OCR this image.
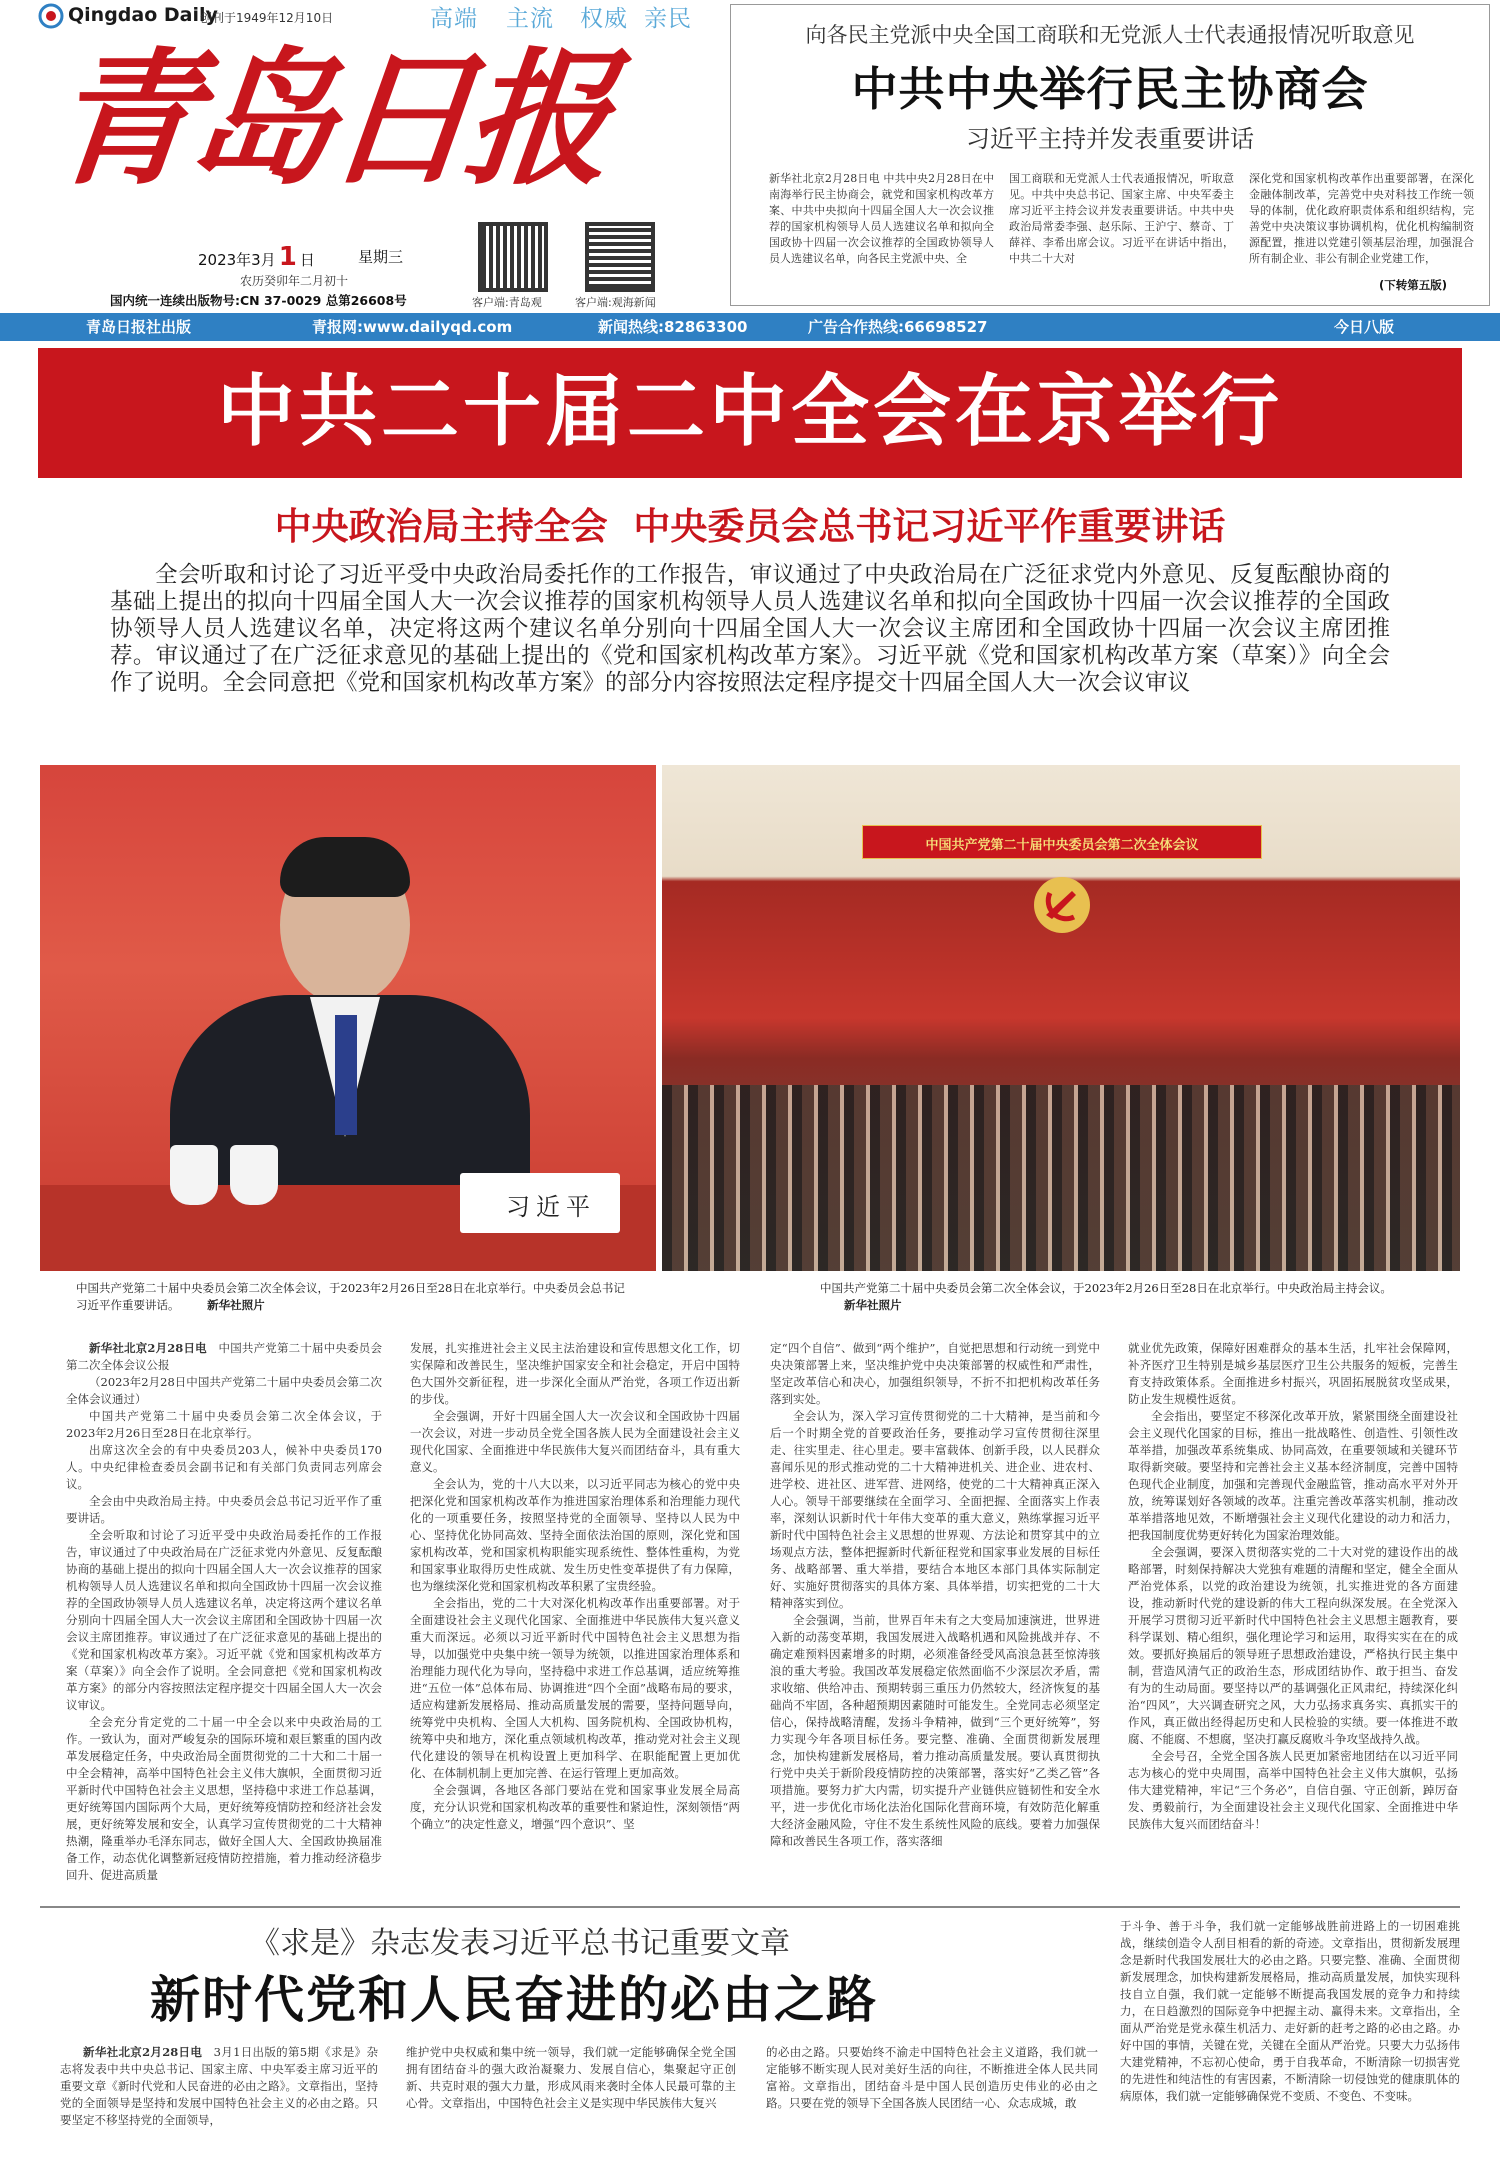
Qingdao Daily
创刊于1949年12月10日	高端 主流 权威 亲民
青岛日报
2023年3月 1 日	星期三
农历癸卯年二月初十
国内统一连续出版物号:CN 37-0029 总第26608号	客户端:青岛观	客户端:观海新闻
向各民主党派中央全国工商联和无党派人士代表通报情况听取意见
中共中央举行民主协商会
习近平主持并发表重要讲话
新华社北京2月28日电 中共中央2月28日在中南海举行民主协商会，就党和国家机构改革方案、中共中央拟向十四届全国人大一次会议推荐的国家机构领导人员人选建议名单和拟向全国政协十四届一次会议推荐的全国政协领导人员人选建议名单，向各民主党派中央、全
国工商联和无党派人士代表通报情况，听取意见。中共中央总书记、国家主席、中央军委主席习近平主持会议并发表重要讲话。中共中央政治局常委李强、赵乐际、王沪宁、蔡奇、丁薛祥、李希出席会议。习近平在讲话中指出，中共二十大对
深化党和国家机构改革作出重要部署，在深化金融体制改革，完善党中央对科技工作统一领导的体制，优化政府职责体系和组织结构，完善党中央决策议事协调机构，优化机构编制资源配置，推进以党建引领基层治理，加强混合所有制企业、非公有制企业党建工作，
(下转第五版)
青岛日报社出版	青报网:www.dailyqd.com	新闻热线:82863300	广告合作热线:66698527	今日八版
中共二十届二中全会在京举行
中央政治局主持全会  中央委员会总书记习近平作重要讲话
全会听取和讨论了习近平受中央政治局委托作的工作报告，审议通过了中央政治局在广泛征求党内外意见、反复酝酿协商的基础上提出的拟向十四届全国人大一次会议推荐的国家机构领导人员人选建议名单和拟向全国政协十四届一次会议推荐的全国政协领导人员人选建议名单，决定将这两个建议名单分别向十四届全国人大一次会议主席团和全国政协十四届一次会议主席团推荐。审议通过了在广泛征求意见的基础上提出的《党和国家机构改革方案》。习近平就《党和国家机构改革方案（草案）》向全会作了说明。全会同意把《党和国家机构改革方案》的部分内容按照法定程序提交十四届全国人大一次会议审议
习近平
中国共产党第二十届中央委员会第二次全体会议
中国共产党第二十届中央委员会第二次全体会议，于2023年2月26日至28日在北京举行。中央委员会总书记习近平作重要讲话。 新华社照片
中国共产党第二十届中央委员会第二次全体会议，于2023年2月26日至28日在北京举行。中央政治局主持会议。 新华社照片

新华社北京2月28日电  中国共产党第二十届中央委员会第二次全体会议公报

（2023年2月28日中国共产党第二十届中央委员会第二次全体会议通过）

中国共产党第二十届中央委员会第二次全体会议，于2023年2月26日至28日在北京举行。

出席这次全会的有中央委员203人，候补中央委员170人。中央纪律检查委员会副书记和有关部门负责同志列席会议。

全会由中央政治局主持。中央委员会总书记习近平作了重要讲话。

全会听取和讨论了习近平受中央政治局委托作的工作报告，审议通过了中央政治局在广泛征求党内外意见、反复酝酿协商的基础上提出的拟向十四届全国人大一次会议推荐的国家机构领导人员人选建议名单和拟向全国政协十四届一次会议推荐的全国政协领导人员人选建议名单，决定将这两个建议名单分别向十四届全国人大一次会议主席团和全国政协十四届一次会议主席团推荐。审议通过了在广泛征求意见的基础上提出的《党和国家机构改革方案》。习近平就《党和国家机构改革方案（草案）》向全会作了说明。全会同意把《党和国家机构改革方案》的部分内容按照法定程序提交十四届全国人大一次会议审议。

全会充分肯定党的二十届一中全会以来中央政治局的工作。一致认为，面对严峻复杂的国际环境和艰巨繁重的国内改革发展稳定任务，中央政治局全面贯彻党的二十大和二十届一中全会精神，高举中国特色社会主义伟大旗帜，全面贯彻习近平新时代中国特色社会主义思想，坚持稳中求进工作总基调，更好统筹国内国际两个大局，更好统筹疫情防控和经济社会发展，更好统筹发展和安全，认真学习宣传贯彻党的二十大精神热潮，隆重举办毛泽东同志，做好全国人大、全国政协换届准备工作，动态优化调整新冠疫情防控措施，着力推动经济稳步回升、促进高质量

发展，扎实推进社会主义民主法治建设和宣传思想文化工作，切实保障和改善民生，坚决维护国家安全和社会稳定，开启中国特色大国外交新征程，进一步深化全面从严治党，各项工作迈出新的步伐。

全会强调，开好十四届全国人大一次会议和全国政协十四届一次会议，对进一步动员全党全国各族人民为全面建设社会主义现代化国家、全面推进中华民族伟大复兴而团结奋斗，具有重大意义。

全会认为，党的十八大以来，以习近平同志为核心的党中央把深化党和国家机构改革作为推进国家治理体系和治理能力现代化的一项重要任务，按照坚持党的全面领导、坚持以人民为中心、坚持优化协同高效、坚持全面依法治国的原则，深化党和国家机构改革，党和国家机构职能实现系统性、整体性重构，为党和国家事业取得历史性成就、发生历史性变革提供了有力保障，也为继续深化党和国家机构改革积累了宝贵经验。

全会指出，党的二十大对深化机构改革作出重要部署。对于全面建设社会主义现代化国家、全面推进中华民族伟大复兴意义重大而深远。必须以习近平新时代中国特色社会主义思想为指导，以加强党中央集中统一领导为统领，以推进国家治理体系和治理能力现代化为导向，坚持稳中求进工作总基调，适应统筹推进“五位一体”总体布局、协调推进“四个全面”战略布局的要求，适应构建新发展格局、推动高质量发展的需要，坚持问题导向，统筹党中央机构、全国人大机构、国务院机构、全国政协机构，统筹中央和地方，深化重点领域机构改革，推动党对社会主义现代化建设的领导在机构设置上更加科学、在职能配置上更加优化、在体制机制上更加完善、在运行管理上更加高效。

全会强调，各地区各部门要站在党和国家事业发展全局高度，充分认识党和国家机构改革的重要性和紧迫性，深刻领悟“两个确立”的决定性意义，增强“四个意识”、坚

定“四个自信”、做到“两个维护”，自觉把思想和行动统一到党中央决策部署上来，坚决维护党中央决策部署的权威性和严肃性，坚定改革信心和决心，加强组织领导，不折不扣把机构改革任务落到实处。

全会认为，深入学习宣传贯彻党的二十大精神，是当前和今后一个时期全党的首要政治任务，要推动学习宣传贯彻往深里走、往实里走、往心里走。要丰富载体、创新手段，以人民群众喜闻乐见的形式推动党的二十大精神进机关、进企业、进农村、进学校、进社区、进军营、进网络，使党的二十大精神真正深入人心。领导干部要继续在全面学习、全面把握、全面落实上作表率，深刻认识新时代十年伟大变革的重大意义，熟练掌握习近平新时代中国特色社会主义思想的世界观、方法论和贯穿其中的立场观点方法，整体把握新时代新征程党和国家事业发展的目标任务、战略部署、重大举措，要结合本地区本部门具体实际制定好、实施好贯彻落实的具体方案、具体举措，切实把党的二十大精神落实到位。

全会强调，当前，世界百年未有之大变局加速演进，世界进入新的动荡变革期，我国发展进入战略机遇和风险挑战并存、不确定难预料因素增多的时期，必须准备经受风高浪急甚至惊涛骇浪的重大考验。我国改革发展稳定依然面临不少深层次矛盾，需求收缩、供给冲击、预期转弱三重压力仍然较大，经济恢复的基础尚不牢固，各种超预期因素随时可能发生。全党同志必须坚定信心，保持战略清醒，发扬斗争精神，做到“三个更好统筹”，努力实现今年各项目标任务。要完整、准确、全面贯彻新发展理念，加快构建新发展格局，着力推动高质量发展。要认真贯彻执行党中央关于新阶段疫情防控的决策部署，落实好“乙类乙管”各项措施。要努力扩大内需，切实提升产业链供应链韧性和安全水平，进一步优化市场化法治化国际化营商环境，有效防范化解重大经济金融风险，守住不发生系统性风险的底线。要着力加强保障和改善民生各项工作，落实落细

就业优先政策，保障好困难群众的基本生活，扎牢社会保障网，补齐医疗卫生特别是城乡基层医疗卫生公共服务的短板，完善生育支持政策体系。全面推进乡村振兴，巩固拓展脱贫攻坚成果，防止发生规模性返贫。

全会指出，要坚定不移深化改革开放，紧紧围绕全面建设社会主义现代化国家的目标，推出一批战略性、创造性、引领性改革举措，加强改革系统集成、协同高效，在重要领域和关键环节取得新突破。要坚持和完善社会主义基本经济制度，完善中国特色现代企业制度，加强和完善现代金融监管，推动高水平对外开放，统筹谋划好各领域的改革。注重完善改革落实机制，推动改革举措落地见效，不断增强社会主义现代化建设的动力和活力，把我国制度优势更好转化为国家治理效能。

全会强调，要深入贯彻落实党的二十大对党的建设作出的战略部署，时刻保持解决大党独有难题的清醒和坚定，健全全面从严治党体系，以党的政治建设为统领，扎实推进党的各方面建设，推动新时代党的建设新的伟大工程向纵深发展。在全党深入开展学习贯彻习近平新时代中国特色社会主义思想主题教育，要科学谋划、精心组织，强化理论学习和运用，取得实实在在的成效。要抓好换届后的领导班子思想政治建设，严格执行民主集中制，营造风清气正的政治生态，形成团结协作、敢于担当、奋发有为的生动局面。要坚持以严的基调强化正风肃纪，持续深化纠治“四风”，大兴调查研究之风，大力弘扬求真务实、真抓实干的作风，真正做出经得起历史和人民检验的实绩。要一体推进不敢腐、不能腐、不想腐，坚决打赢反腐败斗争攻坚战持久战。

全会号召，全党全国各族人民更加紧密地团结在以习近平同志为核心的党中央周围，高举中国特色社会主义伟大旗帜，弘扬伟大建党精神，牢记“三个务必”，自信自强、守正创新，踔厉奋发、勇毅前行，为全面建设社会主义现代化国家、全面推进中华民族伟大复兴而团结奋斗！

《求是》杂志发表习近平总书记重要文章
新时代党和人民奋进的必由之路

新华社北京2月28日电  3月1日出版的第5期《求是》杂志将发表中共中央总书记、国家主席、中央军委主席习近平的重要文章《新时代党和人民奋进的必由之路》。文章指出，坚持党的全面领导是坚持和发展中国特色社会主义的必由之路。只要坚定不移坚持党的全面领导，

维护党中央权威和集中统一领导，我们就一定能够确保全党全国拥有团结奋斗的强大政治凝聚力、发展自信心，集聚起守正创新、共克时艰的强大力量，形成风雨来袭时全体人民最可靠的主心骨。文章指出，中国特色社会主义是实现中华民族伟大复兴
的必由之路。只要始终不渝走中国特色社会主义道路，我们就一定能够不断实现人民对美好生活的向往，不断推进全体人民共同富裕。文章指出，团结奋斗是中国人民创造历史伟业的必由之路。只要在党的领导下全国各族人民团结一心、众志成城，敢
于斗争、善于斗争，我们就一定能够战胜前进路上的一切困难挑战，继续创造令人刮目相看的新的奇迹。文章指出，贯彻新发展理念是新时代我国发展壮大的必由之路。只要完整、准确、全面贯彻新发展理念，加快构建新发展格局，推动高质量发展，加快实现科技自立自强，我们就一定能够不断提高我国发展的竞争力和持续力，在日趋激烈的国际竞争中把握主动、赢得未来。文章指出，全面从严治党是党永葆生机活力、走好新的赶考之路的必由之路。办好中国的事情，关键在党，关键在全面从严治党。只要大力弘扬伟大建党精神，不忘初心使命，勇于自我革命，不断清除一切损害党的先进性和纯洁性的有害因素，不断清除一切侵蚀党的健康肌体的病原体，我们就一定能够确保党不变质、不变色、不变味。
